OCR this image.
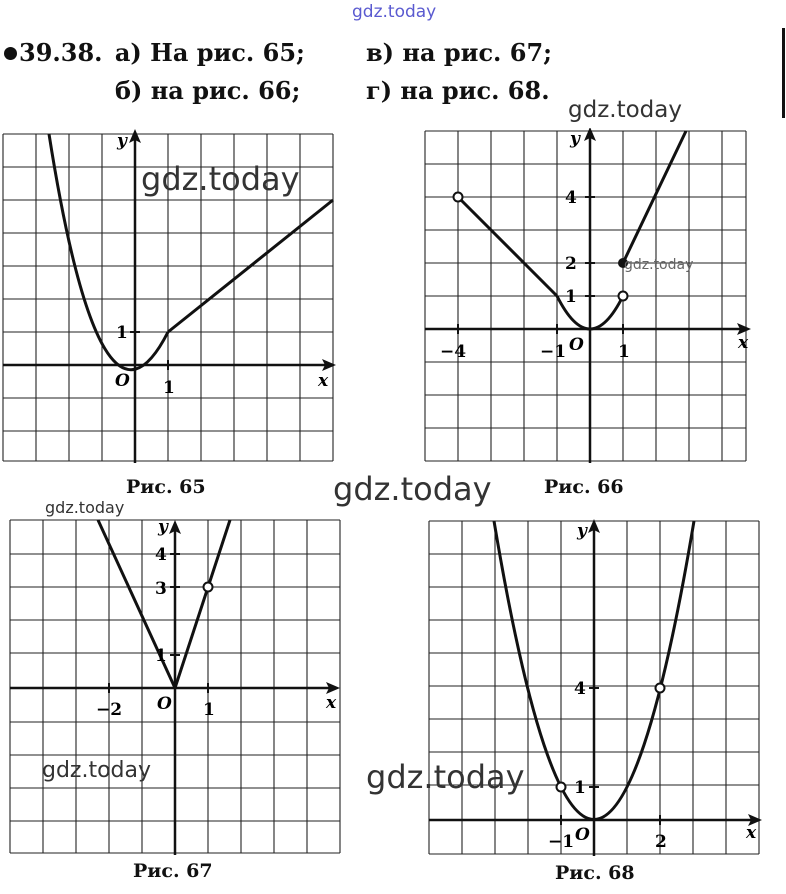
gdz.today
39.38. а) На рис. 65;	в) на рис. 67;
б) на рис. 66;	г) на рис. 68.
gdz.today
y
x
O 1
1
gdz.today
Рис. 65
y
x
O
−4	−1	1
4
2
1
gdz.today
Рис. 66
gdz.today
gdz.today
y
x
O
−2	1
4
3
1
gdz.today
Рис. 67
y
x
O
−1	2
4
1
gdz.today
Рис. 68
